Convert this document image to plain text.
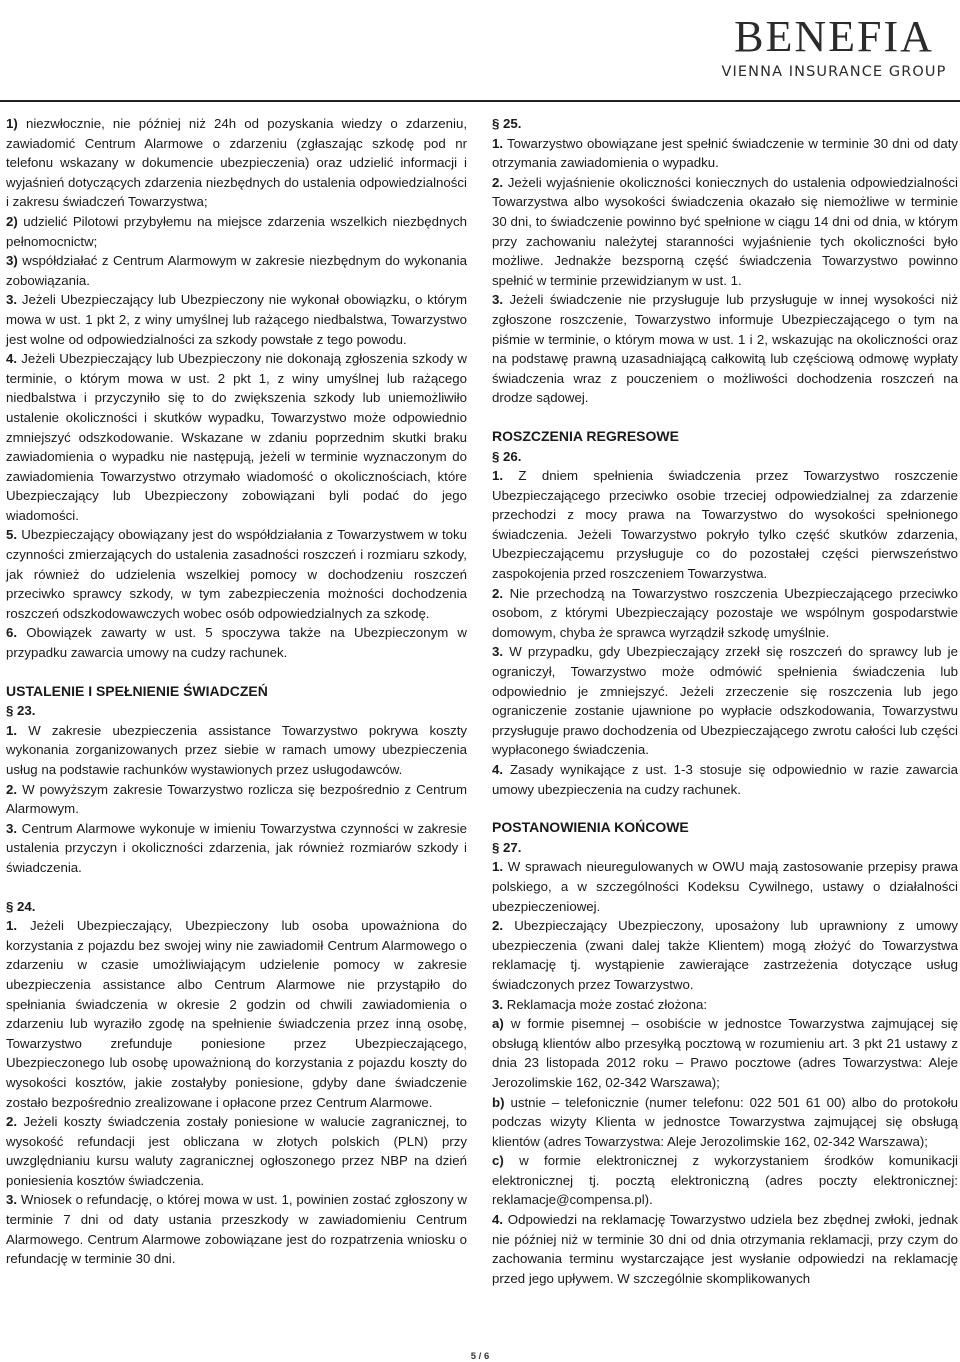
BENEFIA
VIENNA INSURANCE GROUP

1) niezwłocznie, nie później niż 24h od pozyskania wiedzy o zdarzeniu, zawiadomić Centrum Alarmowe o zdarzeniu (zgłaszając szkodę pod nr telefonu wskazany w dokumencie ubezpieczenia) oraz udzielić informacji i wyjaśnień dotyczących zdarzenia niezbędnych do ustalenia odpowiedzialności i zakresu świadczeń Towarzystwa;

2) udzielić Pilotowi przybyłemu na miejsce zdarzenia wszelkich niezbędnych pełnomocnictw;

3) współdziałać z Centrum Alarmowym w zakresie niezbędnym do wykonania zobowiązania.

3. Jeżeli Ubezpieczający lub Ubezpieczony nie wykonał obowiązku, o którym mowa w ust. 1 pkt 2, z winy umyślnej lub rażącego niedbalstwa, Towarzystwo jest wolne od odpowiedzialności za szkody powstałe z tego powodu.

4. Jeżeli Ubezpieczający lub Ubezpieczony nie dokonają zgłoszenia szkody w terminie, o którym mowa w ust. 2 pkt 1, z winy umyślnej lub rażącego niedbalstwa i przyczyniło się to do zwiększenia szkody lub uniemożliwiło ustalenie okoliczności i skutków wypadku, Towarzystwo może odpowiednio zmniejszyć odszkodowanie. Wskazane w zdaniu poprzednim skutki braku zawiadomienia o wypadku nie następują, jeżeli w terminie wyznaczonym do zawiadomienia Towarzystwo otrzymało wiadomość o okolicznościach, które Ubezpieczający lub Ubezpieczony zobowiązani byli podać do jego wiadomości.

5. Ubezpieczający obowiązany jest do współdziałania z Towarzystwem w toku czynności zmierzających do ustalenia zasadności roszczeń i rozmiaru szkody, jak również do udzielenia wszelkiej pomocy w dochodzeniu roszczeń przeciwko sprawcy szkody, w tym zabezpieczenia możności dochodzenia roszczeń odszkodowawczych wobec osób odpowiedzialnych za szkodę.

6. Obowiązek zawarty w ust. 5 spoczywa także na Ubezpieczonym w przypadku zawarcia umowy na cudzy rachunek.

USTALENIE I SPEŁNIENIE ŚWIADCZEŃ

§ 23.

1. W zakresie ubezpieczenia assistance Towarzystwo pokrywa koszty wykonania zorganizowanych przez siebie w ramach umowy ubezpieczenia usług na podstawie rachunków wystawionych przez usługodawców.

2. W powyższym zakresie Towarzystwo rozlicza się bezpośrednio z Centrum Alarmowym.

3. Centrum Alarmowe wykonuje w imieniu Towarzystwa czynności w zakresie ustalenia przyczyn i okoliczności zdarzenia, jak również rozmiarów szkody i świadczenia.

§ 24.

1. Jeżeli Ubezpieczający, Ubezpieczony lub osoba upoważniona do korzystania z pojazdu bez swojej winy nie zawiadomił Centrum Alarmowego o zdarzeniu w czasie umożliwiającym udzielenie pomocy w zakresie ubezpieczenia assistance albo Centrum Alarmowe nie przystąpiło do spełniania świadczenia w okresie 2 godzin od chwili zawiadomienia o zdarzeniu lub wyraziło zgodę na spełnienie świadczenia przez inną osobę, Towarzystwo zrefunduje poniesione przez Ubezpieczającego, Ubezpieczonego lub osobę upoważnioną do korzystania z pojazdu koszty do wysokości kosztów, jakie zostałyby poniesione, gdyby dane świadczenie zostało bezpośrednio zrealizowane i opłacone przez Centrum Alarmowe.

2. Jeżeli koszty świadczenia zostały poniesione w walucie zagranicznej, to wysokość refundacji jest obliczana w złotych polskich (PLN) przy uwzględnianiu kursu waluty zagranicznej ogłoszonego przez NBP na dzień poniesienia kosztów świadczenia.

3. Wniosek o refundację, o której mowa w ust. 1, powinien zostać zgłoszony w terminie 7 dni od daty ustania przeszkody w zawiadomieniu Centrum Alarmowego. Centrum Alarmowe zobowiązane jest do rozpatrzenia wniosku o refundację w terminie 30 dni.

§ 25.

1. Towarzystwo obowiązane jest spełnić świadczenie w terminie 30 dni od daty otrzymania zawiadomienia o wypadku.

2. Jeżeli wyjaśnienie okoliczności koniecznych do ustalenia odpowiedzialności Towarzystwa albo wysokości świadczenia okazało się niemożliwe w terminie 30 dni, to świadczenie powinno być spełnione w ciągu 14 dni od dnia, w którym przy zachowaniu należytej staranności wyjaśnienie tych okoliczności było możliwe. Jednakże bezsporną część świadczenia Towarzystwo powinno spełnić w terminie przewidzianym w ust. 1.

3. Jeżeli świadczenie nie przysługuje lub przysługuje w innej wysokości niż zgłoszone roszczenie, Towarzystwo informuje Ubezpieczającego o tym na piśmie w terminie, o którym mowa w ust. 1 i 2, wskazując na okoliczności oraz na podstawę prawną uzasadniającą całkowitą lub częściową odmowę wypłaty świadczenia wraz z pouczeniem o możliwości dochodzenia roszczeń na drodze sądowej.

ROSZCZENIA REGRESOWE

§ 26.

1. Z dniem spełnienia świadczenia przez Towarzystwo roszczenie Ubezpieczającego przeciwko osobie trzeciej odpowiedzialnej za zdarzenie przechodzi z mocy prawa na Towarzystwo do wysokości spełnionego świadczenia. Jeżeli Towarzystwo pokryło tylko część skutków zdarzenia, Ubezpieczającemu przysługuje co do pozostałej części pierwszeństwo zaspokojenia przed roszczeniem Towarzystwa.

2. Nie przechodzą na Towarzystwo roszczenia Ubezpieczającego przeciwko osobom, z którymi Ubezpieczający pozostaje we wspólnym gospodarstwie domowym, chyba że sprawca wyrządził szkodę umyślnie.

3. W przypadku, gdy Ubezpieczający zrzekł się roszczeń do sprawcy lub je ograniczył, Towarzystwo może odmówić spełnienia świadczenia lub odpowiednio je zmniejszyć. Jeżeli zrzeczenie się roszczenia lub jego ograniczenie zostanie ujawnione po wypłacie odszkodowania, Towarzystwu przysługuje prawo dochodzenia od Ubezpieczającego zwrotu całości lub części wypłaconego świadczenia.

4. Zasady wynikające z ust. 1-3 stosuje się odpowiednio w razie zawarcia umowy ubezpieczenia na cudzy rachunek.

POSTANOWIENIA KOŃCOWE

§ 27.

1. W sprawach nieuregulowanych w OWU mają zastosowanie przepisy prawa polskiego, a w szczególności Kodeksu Cywilnego, ustawy o działalności ubezpieczeniowej.

2. Ubezpieczający Ubezpieczony, uposażony lub uprawniony z umowy ubezpieczenia (zwani dalej także Klientem) mogą złożyć do Towarzystwa reklamację tj. wystąpienie zawierające zastrzeżenia dotyczące usług świadczonych przez Towarzystwo.

3. Reklamacja może zostać złożona:

a) w formie pisemnej – osobiście w jednostce Towarzystwa zajmującej się obsługą klientów albo przesyłką pocztową w rozumieniu art. 3 pkt 21 ustawy z dnia 23 listopada 2012 roku – Prawo pocztowe (adres Towarzystwa: Aleje Jerozolimskie 162, 02-342 Warszawa);

b) ustnie – telefonicznie (numer telefonu: 022 501 61 00) albo do protokołu podczas wizyty Klienta w jednostce Towarzystwa zajmującej się obsługą klientów (adres Towarzystwa: Aleje Jerozolimskie 162, 02-342 Warszawa);

c) w formie elektronicznej z wykorzystaniem środków komunikacji elektronicznej tj. pocztą elektroniczną (adres poczty elektronicznej: reklamacje@compensa.pl).

4. Odpowiedzi na reklamację Towarzystwo udziela bez zbędnej zwłoki, jednak nie później niż w terminie 30 dni od dnia otrzymania reklamacji, przy czym do zachowania terminu wystarczające jest wysłanie odpowiedzi na reklamację przed jego upływem. W szczególnie skomplikowanych

5 / 6
